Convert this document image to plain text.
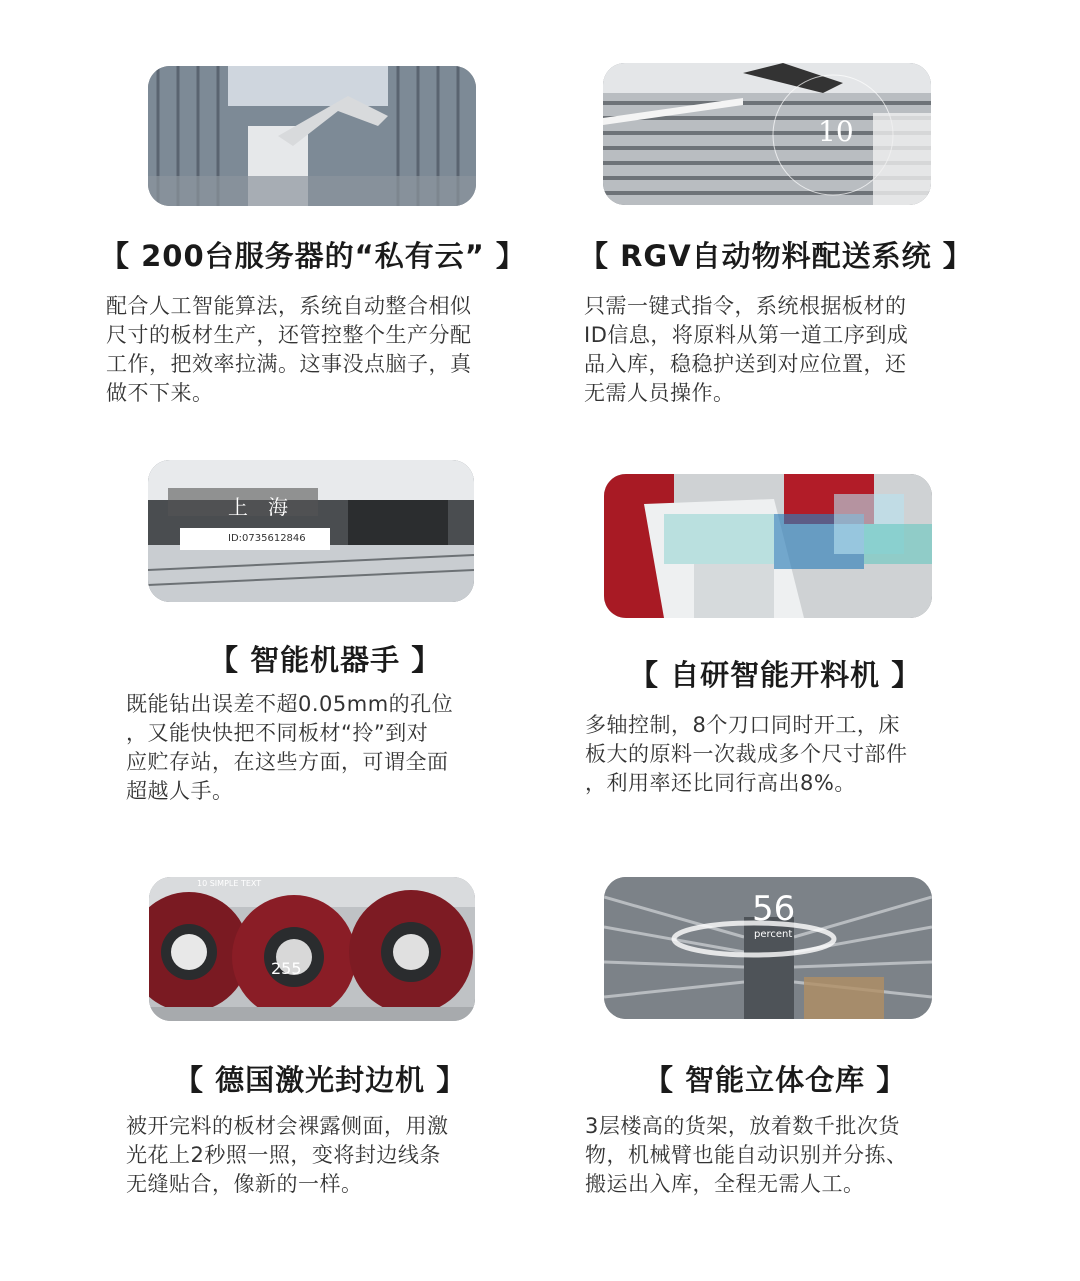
【 200台服务器的“私有云” 】
配合人工智能算法，系统自动整合相似
尺寸的板材生产，还管控整个生产分配
工作，把效率拉满。这事没点脑子，真
做不下来。
10
【 RGV自动物料配送系统 】
只需一键式指令，系统根据板材的
ID信息，将原料从第一道工序到成
品入库，稳稳护送到对应位置，还
无需人员操作。
上　海
ID:0735612846
【 智能机器手 】
既能钻出误差不超0.05mm的孔位
，又能快快把不同板材“拎”到对
应贮存站，在这些方面，可谓全面
超越人手。
【 自研智能开料机 】
多轴控制，8个刀口同时开工，床
板大的原料一次裁成多个尺寸部件
，利用率还比同行高出8%。
10 SIMPLE TEXT
255
【 德国激光封边机 】
被开完料的板材会裸露侧面，用激
光花上2秒照一照，变将封边线条
无缝贴合，像新的一样。
56
percent
【 智能立体仓库 】
3层楼高的货架，放着数千批次货
物，机械臂也能自动识别并分拣、
搬运出入库，全程无需人工。
